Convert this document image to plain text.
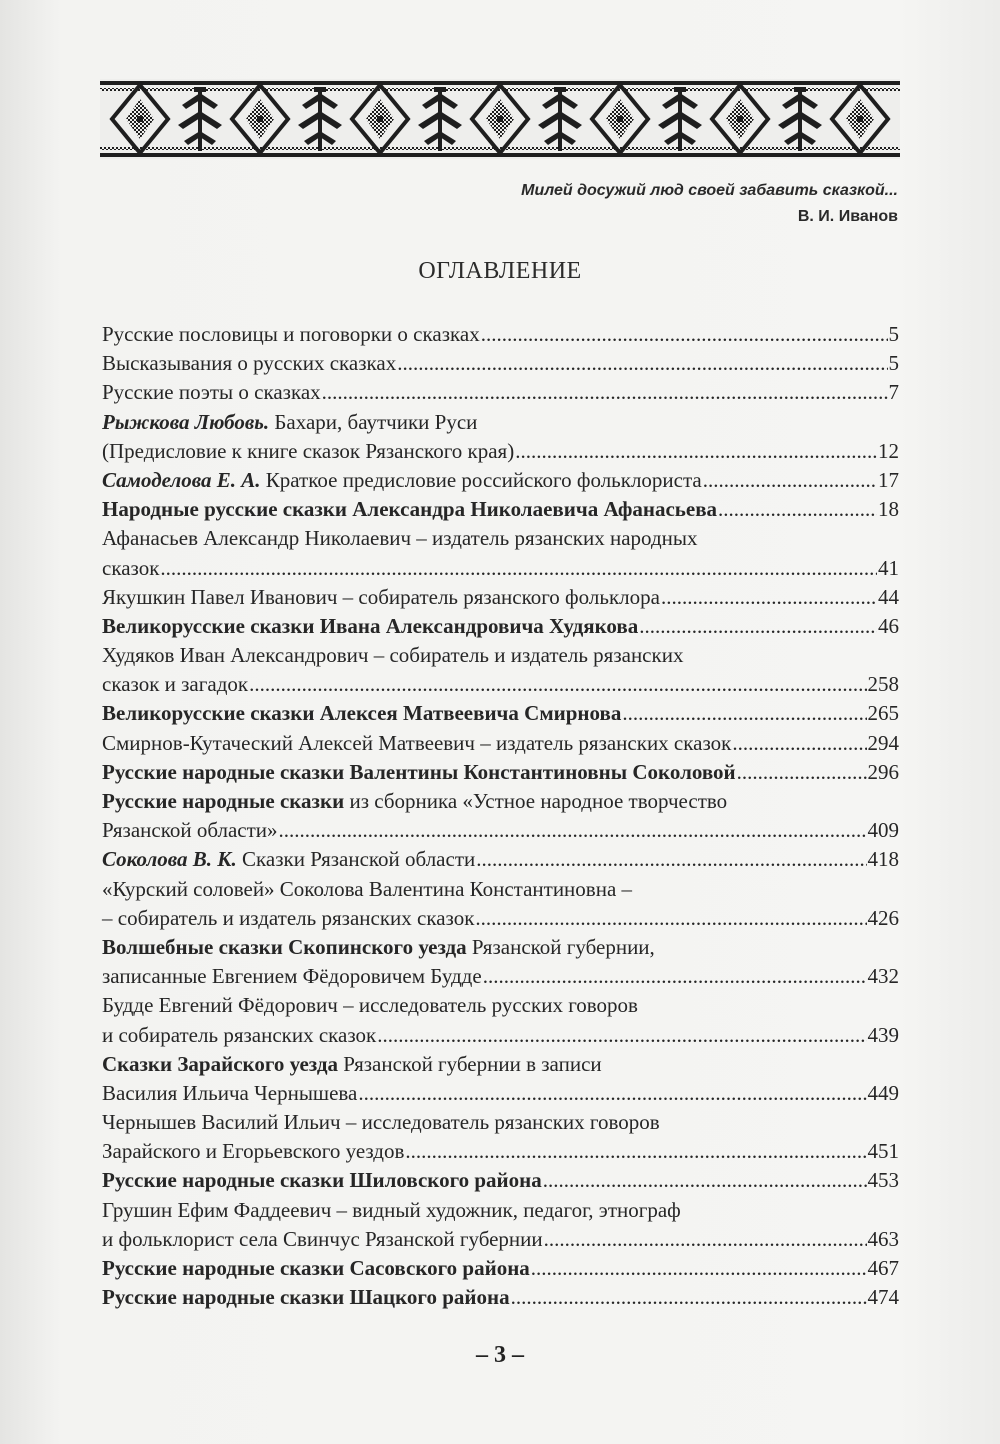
Милей досужий люд своей забавить сказкой...
В. И. Иванов
ОГЛАВЛЕНИЕ
Русские пословицы и поговорки о сказках .....	5
Высказывания о русских сказках .....	5
Русские поэты о сказках .....	7
Рыжкова Любовь. Бахари, баутчики Руси
(Предисловие к книге сказок Рязанского края) .....	12
Самоделова Е. А. Краткое предисловие российского фольклориста .....	17
Народные русские сказки Александра Николаевича Афанасьева .....	18
Афанасьев Александр Николаевич – издатель рязанских народных
сказок .....	41
Якушкин Павел Иванович – собиратель рязанского фольклора .....	44
Великорусские сказки Ивана Александровича Худякова .....	46
Худяков Иван Александрович – собиратель и издатель рязанских
сказок и загадок .....	258
Великорусские сказки Алексея Матвеевича Смирнова .....	265
Смирнов-Кутаческий Алексей Матвеевич – издатель рязанских сказок .....	294
Русские народные сказки Валентины Константиновны Соколовой .....	296
Русские народные сказки из сборника «Устное народное творчество
Рязанской области» .....	409
Соколова В. К. Сказки Рязанской области .....	418
«Курский соловей» Соколова Валентина Константиновна –
– собиратель и издатель рязанских сказок .....	426
Волшебные сказки Скопинского уезда Рязанской губернии,
записанные Евгением Фёдоровичем Будде .....	432
Будде Евгений Фёдорович – исследователь русских говоров
и собиратель рязанских сказок .....	439
Сказки Зарайского уезда Рязанской губернии в записи
Василия Ильича Чернышева .....	449
Чернышев Василий Ильич – исследователь рязанских говоров
Зарайского и Егорьевского уездов .....	451
Русские народные сказки Шиловского района .....	453
Грушин Ефим Фаддеевич – видный художник, педагог, этнограф
и фольклорист села Свинчус Рязанской губернии .....	463
Русские народные сказки Сасовского района .....	467
Русские народные сказки Шацкого района .....	474
– 3 –
